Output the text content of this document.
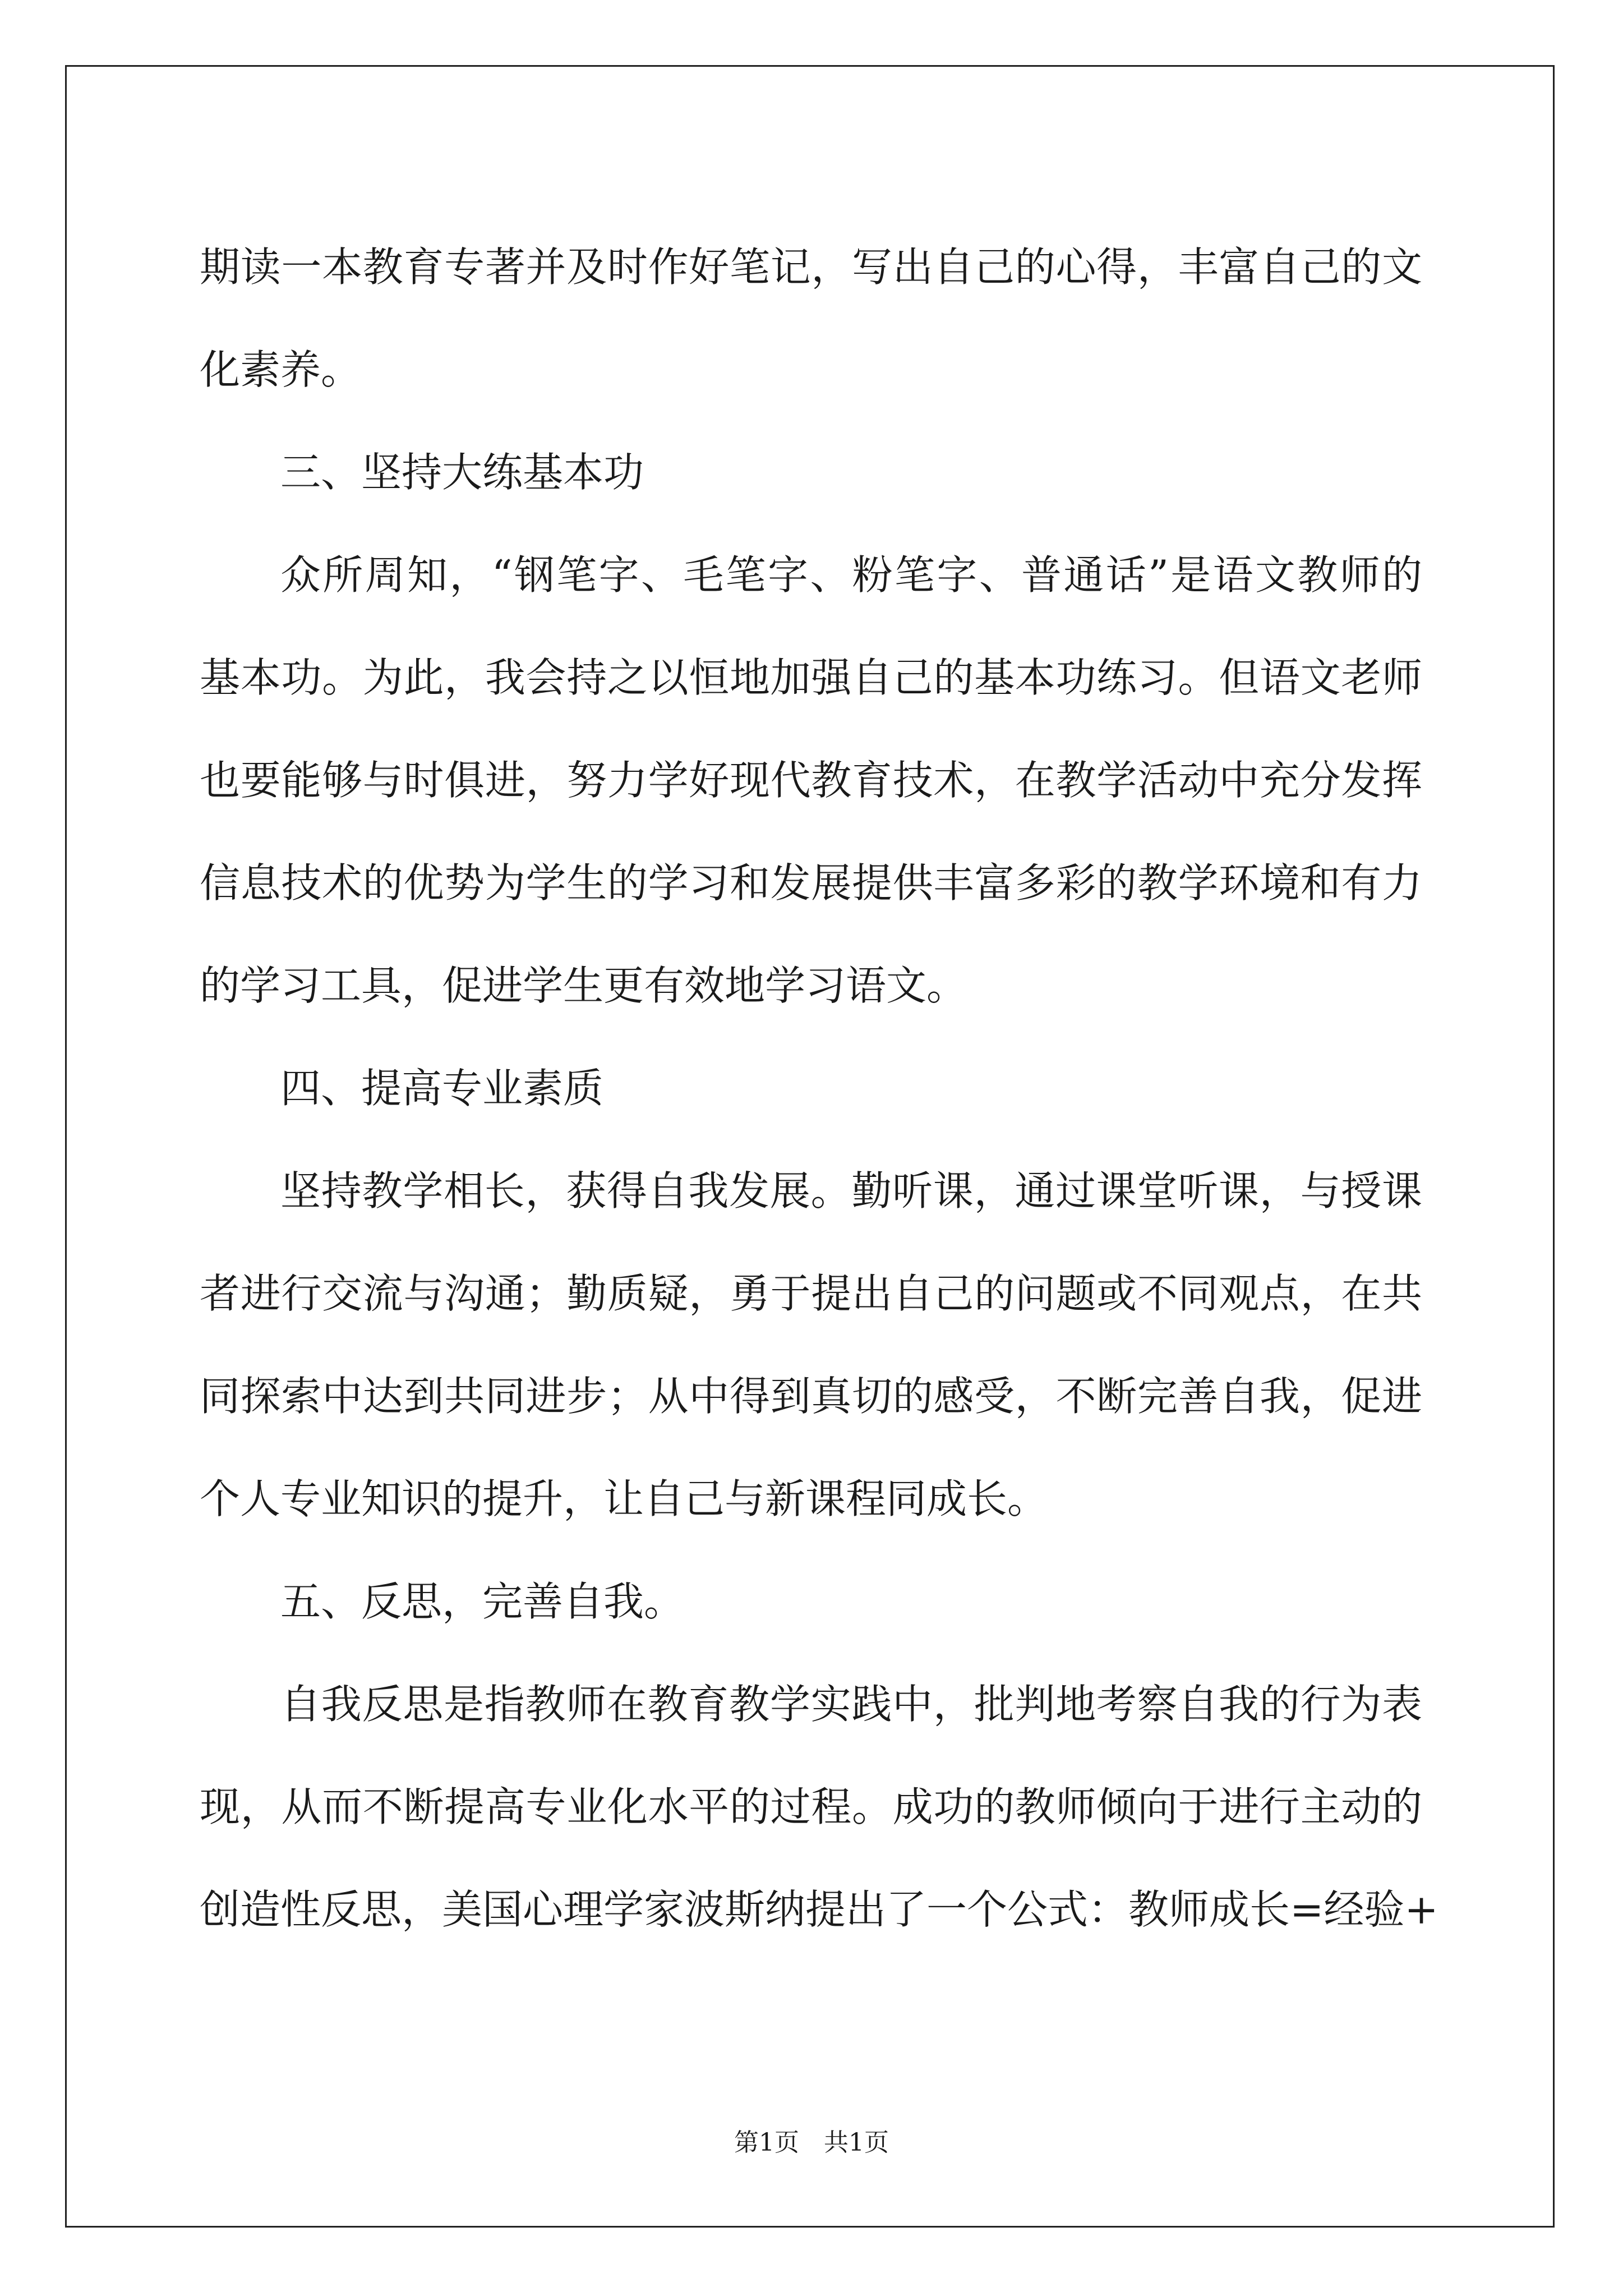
期读一本教育专著并及时作好笔记，写出自己的心得，丰富自己的文
化素养。
三、坚持大练基本功
众所周知，“钢笔字、毛笔字、粉笔字、普通话”是语文教师的
基本功。为此，我会持之以恒地加强自己的基本功练习。但语文老师
也要能够与时俱进，努力学好现代教育技术，在教学活动中充分发挥
信息技术的优势为学生的学习和发展提供丰富多彩的教学环境和有力
的学习工具，促进学生更有效地学习语文。
四、提高专业素质
坚持教学相长，获得自我发展。勤听课，通过课堂听课，与授课
者进行交流与沟通；勤质疑，勇于提出自己的问题或不同观点，在共
同探索中达到共同进步；从中得到真切的感受，不断完善自我，促进
个人专业知识的提升，让自己与新课程同成长。
五、反思，完善自我。
自我反思是指教师在教育教学实践中，批判地考察自我的行为表
现，从而不断提高专业化水平的过程。成功的教师倾向于进行主动的
创造性反思，美国心理学家波斯纳提出了一个公式：教师成长=经验+
第1页 共1页
